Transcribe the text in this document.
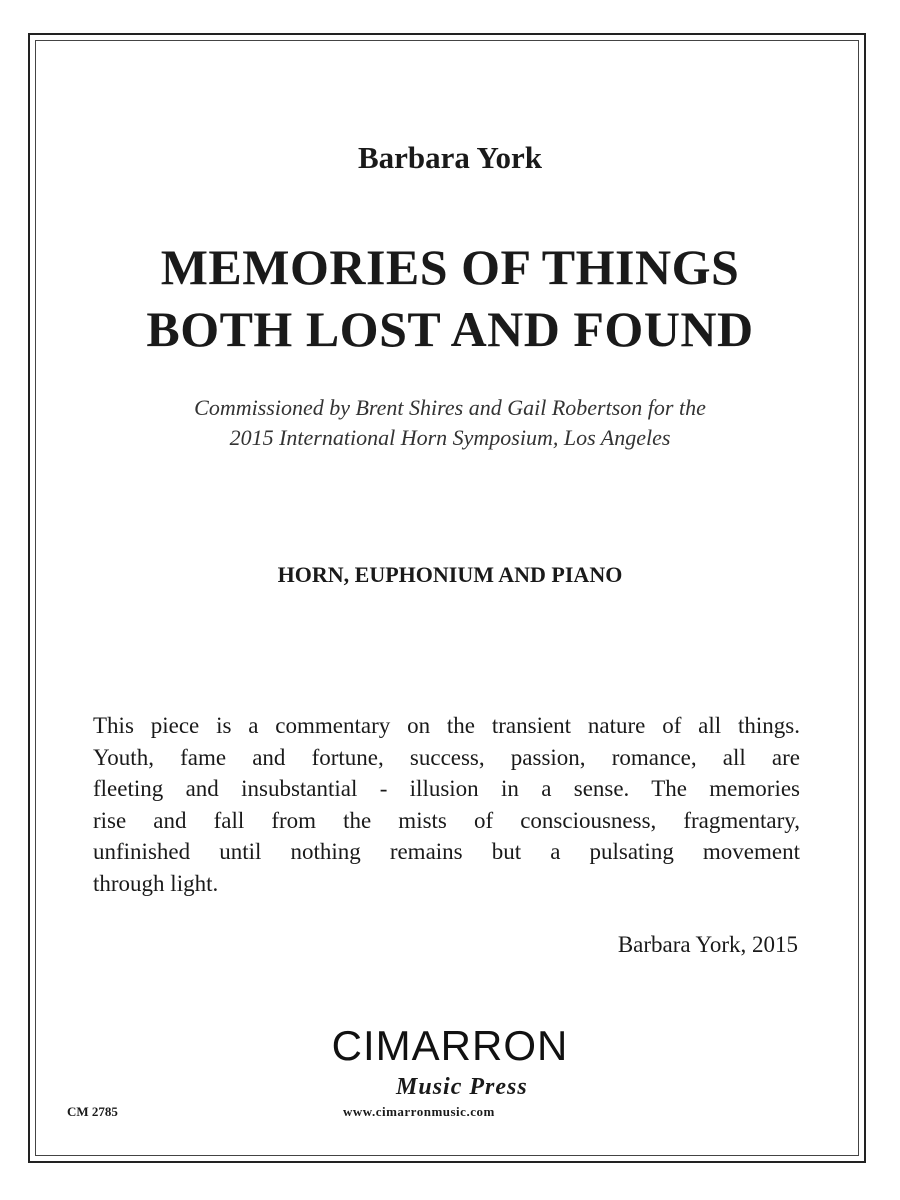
Barbara York
MEMORIES OF THINGS
BOTH LOST AND FOUND
Commissioned by Brent Shires and Gail Robertson for the
2015 International Horn Symposium, Los Angeles
HORN, EUPHONIUM AND PIANO
This piece is a commentary on the transient nature of all things.
Youth, fame and fortune, success, passion, romance, all are
fleeting and insubstantial - illusion in a sense. The memories
rise and fall from the mists of consciousness, fragmentary,
unfinished until nothing remains but a pulsating movement
through light.
Barbara York, 2015
CIMARRON
Music Press
www.cimarronmusic.com
CM 2785
